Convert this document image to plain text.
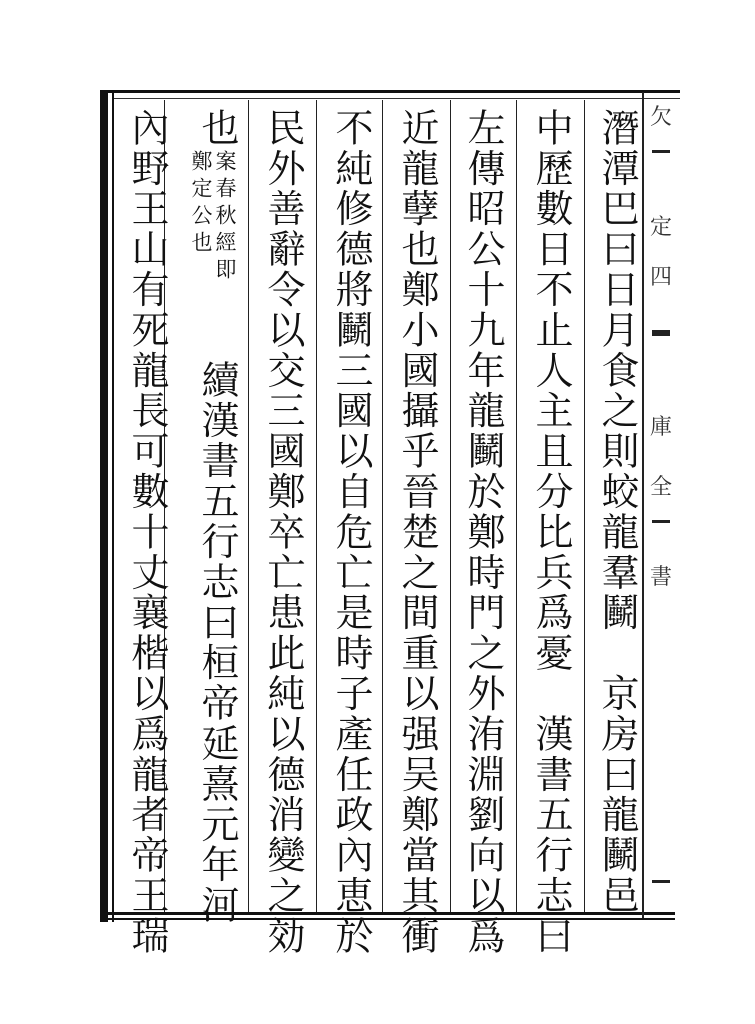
潛潭巴曰日月食之則蛟龍羣鬭　京房曰龍鬭邑
中歷數日不止人主且分比兵爲憂　漢書五行志曰
左傳昭公十九年龍鬭於鄭時門之外洧淵劉向以爲
近龍孽也鄭小國攝乎晉楚之間重以强吴鄭當其衝
不純修德將鬭三國以自危亡是時子產任政內恵於
民外善辭令以交三國鄭卒亡患此純以德消變之効
也
案春秋經即
鄭定公也
續漢書五行志曰桓帝延熹元年河
內野王山有死龍長可數十丈襄楷以爲龍者帝王瑞	欠
定
四
庫
全
書
